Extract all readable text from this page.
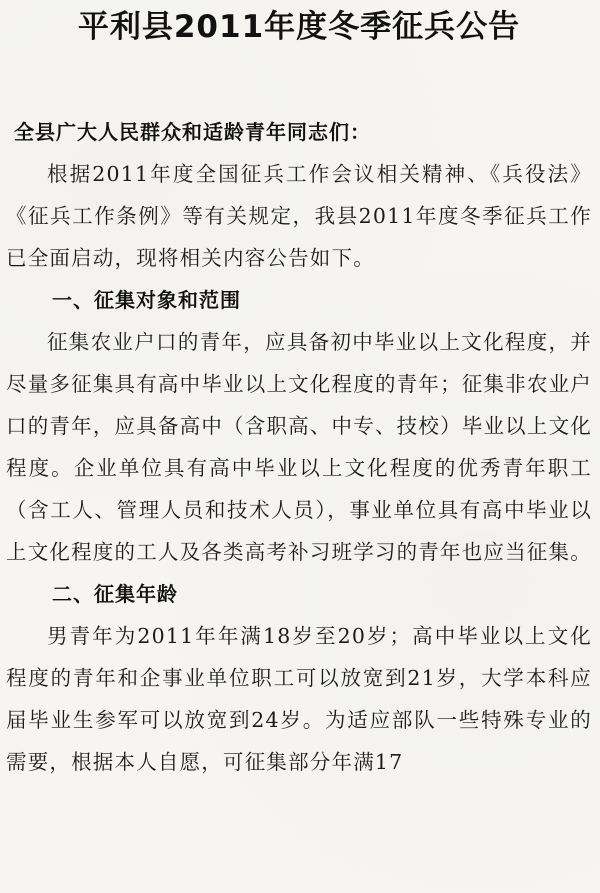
平利县2011年度冬季征兵公告

全县广大人民群众和适龄青年同志们：

根据2011年度全国征兵工作会议相关精神、《兵役法》《征兵工作条例》等有关规定，我县2011年度冬季征兵工作已全面启动，现将相关内容公告如下。

一、征集对象和范围

征集农业户口的青年，应具备初中毕业以上文化程度，并尽量多征集具有高中毕业以上文化程度的青年；征集非农业户口的青年，应具备高中（含职高、中专、技校）毕业以上文化程度。企业单位具有高中毕业以上文化程度的优秀青年职工（含工人、管理人员和技术人员），事业单位具有高中毕业以上文化程度的工人及各类高考补习班学习的青年也应当征集。

二、征集年龄

男青年为2011年年满18岁至20岁；高中毕业以上文化程度的青年和企事业单位职工可以放宽到21岁，大学本科应届毕业生参军可以放宽到24岁。为适应部队一些特殊专业的需要，根据本人自愿，可征集部分年满17
